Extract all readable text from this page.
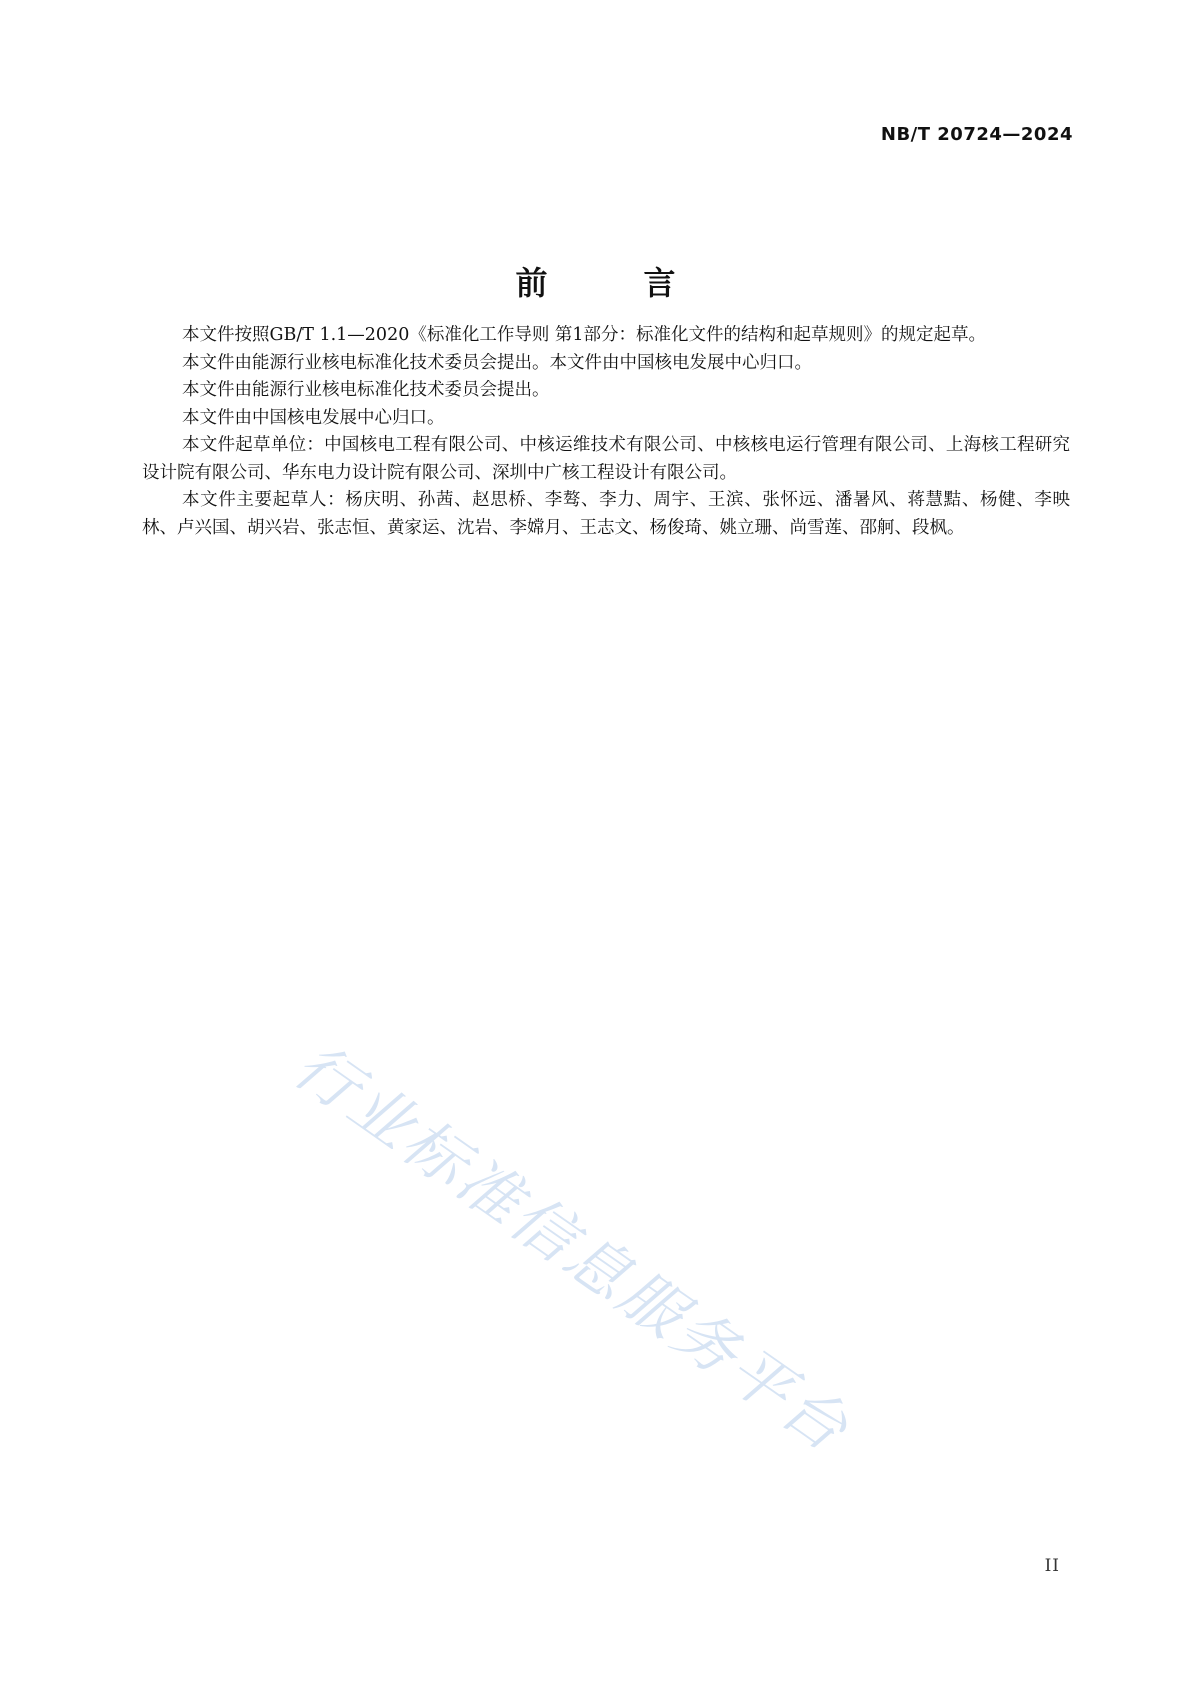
NB/T 20724—2024
前	言

本文件按照GB/T 1.1—2020《标准化工作导则 第1部分：标准化文件的结构和起草规则》的规定起草。

本文件由能源行业核电标准化技术委员会提出。本文件由中国核电发展中心归口。

本文件由能源行业核电标准化技术委员会提出。

本文件由中国核电发展中心归口。

本文件起草单位：中国核电工程有限公司、中核运维技术有限公司、中核核电运行管理有限公司、上海核工程研究设计院有限公司、华东电力设计院有限公司、深圳中广核工程设计有限公司。

本文件主要起草人：杨庆明、孙茜、赵思桥、李骜、李力、周宇、王滨、张怀远、潘暑风、蒋慧黠、杨健、李映林、卢兴国、胡兴岩、张志恒、黄家运、沈岩、李嫦月、王志文、杨俊琦、姚立珊、尚雪莲、邵舸、段枫。

行业标准信息服务平台
II
